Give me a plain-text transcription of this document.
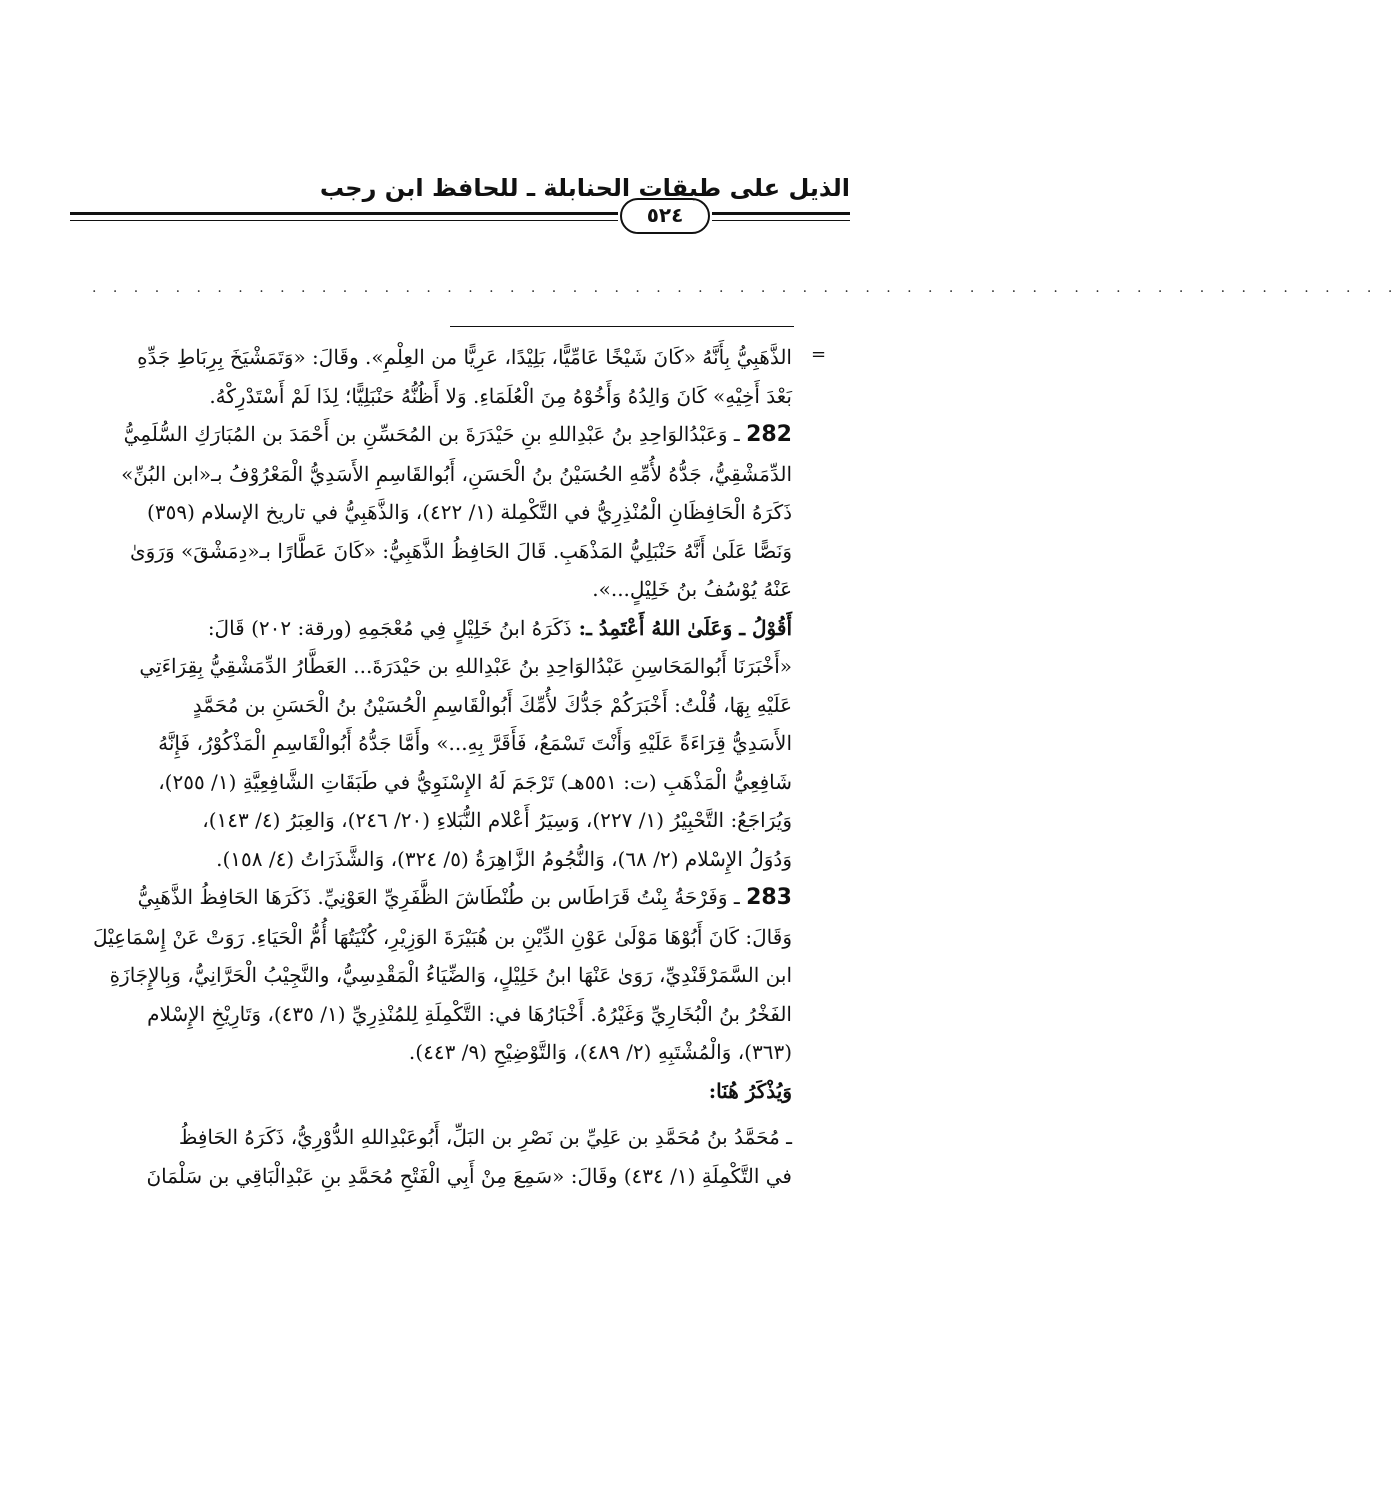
الذيل على طبقات الحنابلة ـ للحافظ ابن رجب
٥٢٤
. . . . . . . . . . . . . . . . . . . . . . . . . . . . . . . . . . . . . . . . . . . . . . . . . . . . . . . . . . . . . . .
=

الذَّهَبِيُّ بِأَنَّهُ «كَانَ شَيْخًا عَامِّيًّا، بَلِيْدًا، عَرِيًّا من العِلْمِ». وقَالَ: «وَتَمَشْيَخَ بِرِبَاطِ جَدِّهِ

بَعْدَ أَخِيْهِ» كَانَ وَالِدُهُ وَأَخُوْهُ مِنَ الْعُلَمَاءِ. وَلا أَظُنُّهُ حَنْبَلِيًّا؛ لِذَا لَمْ أَسْتَدْرِكْهُ.

282 ـ وَعَبْدُالوَاحِدِ بنُ عَبْدِاللهِ بنِ حَيْدَرَةَ بن المُحَسِّنِ بن أَحْمَدَ بن المُبَارَكِ السُّلَمِيُّ

الدِّمَشْقِيُّ، جَدُّهُ لأُمِّهِ الحُسَيْنُ بنُ الْحَسَنِ، أَبُوالقَاسِمِ الأَسَدِيُّ الْمَعْرُوْفُ بـ«ابن البُنِّ»

ذَكَرَهُ الْحَافِظَانِ الْمُنْذِرِيُّ في التَّكْمِلة (١/ ٤٢٢)، وَالذَّهَبِيُّ في تاريخ الإسلام (٣٥٩)

وَنَصًّا عَلَىٰ أَنَّهُ حَنْبَلِيُّ المَذْهَبِ. قَالَ الحَافِظُ الذَّهَبِيُّ: «كَانَ عَطَّارًا بـ«دِمَشْقَ» وَرَوَىٰ

عَنْهُ يُوْسُفُ بنُ خَلِيْلٍ...».

أَقُوْلُ ـ وَعَلَىٰ اللهُ أَعْتَمِدُ ـ: ذَكَرَهُ ابنُ خَلِيْلٍ فِي مُعْجَمِهِ (ورقة: ٢٠٢) قَالَ:

«أَخْبَرَنَا أَبُوالمَحَاسِنِ عَبْدُالوَاحِدِ بنُ عَبْدِاللهِ بن حَيْدَرَةَ... العَطَّارُ الدِّمَشْقِيُّ بِقِرَاءَتِي

عَلَيْهِ بِهَا، قُلْتُ: أَخْبَرَكُمْ جَدُّكَ لأُمِّكَ أَبُوالْقَاسِمِ الْحُسَيْنُ بنُ الْحَسَنِ بن مُحَمَّدٍ

الأَسَدِيُّ قِرَاءَةً عَلَيْهِ وَأَنْتَ تَسْمَعُ، فَأَقَرَّ بِهِ...» وأَمَّا جَدُّهُ أَبُوالْقَاسِمِ الْمَذْكُوْرُ، فَإِنَّهُ

شَافِعِيُّ الْمَذْهَبِ (ت: ٥٥١هـ) تَرْجَمَ لَهُ الإِسْنَوِيُّ في طَبَقَاتِ الشَّافِعِيَّةِ (١/ ٢٥٥)،

وَيُرَاجَعُ: التَّحْبِيْرُ (١/ ٢٢٧)، وَسِيَرُ أَعْلام النُّبَلاءِ (٢٠/ ٢٤٦)، وَالعِبَرُ (٤/ ١٤٣)،

وَدُوَلُ الإِسْلام (٢/ ٦٨)، وَالنُّجُومُ الزَّاهِرَةُ (٥/ ٣٢٤)، وَالشَّذَرَاتُ (٤/ ١٥٨).

283 ـ وَفَرْحَةُ بِنْتُ قَرَاطَاس بن طُنْطَاشَ الظَّفَرِيِّ العَوْنِيِّ. ذَكَرَهَا الحَافِظُ الذَّهَبِيُّ

وَقَالَ: كَانَ أَبُوْهَا مَوْلَىٰ عَوْنِ الدِّيْنِ بن هُبَيْرَةَ الوَزِيْرِ، كُنْيَتُهَا أُمُّ الْحَيَاءِ. رَوَتْ عَنْ إِسْمَاعِيْلَ

ابن السَّمَرْقَنْدِيِّ، رَوَىٰ عَنْهَا ابنُ خَلِيْلٍ، وَالضِّيَاءُ الْمَقْدِسِيُّ، والنَّجِيْبُ الْحَرَّانِيُّ، وَبِالإِجَازَةِ

الفَخْرُ بنُ الْبُخَارِيِّ وَغَيْرُهُ. أَخْبَارُهَا في: التَّكْمِلَةِ لِلمُنْذِرِيِّ (١/ ٤٣٥)، وَتَارِيْخِ الإِسْلام

(٣٦٣)، وَالْمُشْتَبِهِ (٢/ ٤٨٩)، وَالتَّوْضِيْحِ (٩/ ٤٤٣).

وَيُذْكَرُ هُنَا:

ـ مُحَمَّدُ بنُ مُحَمَّدِ بن عَلِيِّ بن نَصْرِ بن البَلِّ، أَبُوعَبْدِاللهِ الدُّوْرِيُّ، ذَكَرَهُ الحَافِظُ

في التَّكْمِلَةِ (١/ ٤٣٤) وقَالَ: «سَمِعَ مِنْ أَبِي الْفَتْحِ مُحَمَّدِ بنِ عَبْدِالْبَاقِي بن سَلْمَانَ
